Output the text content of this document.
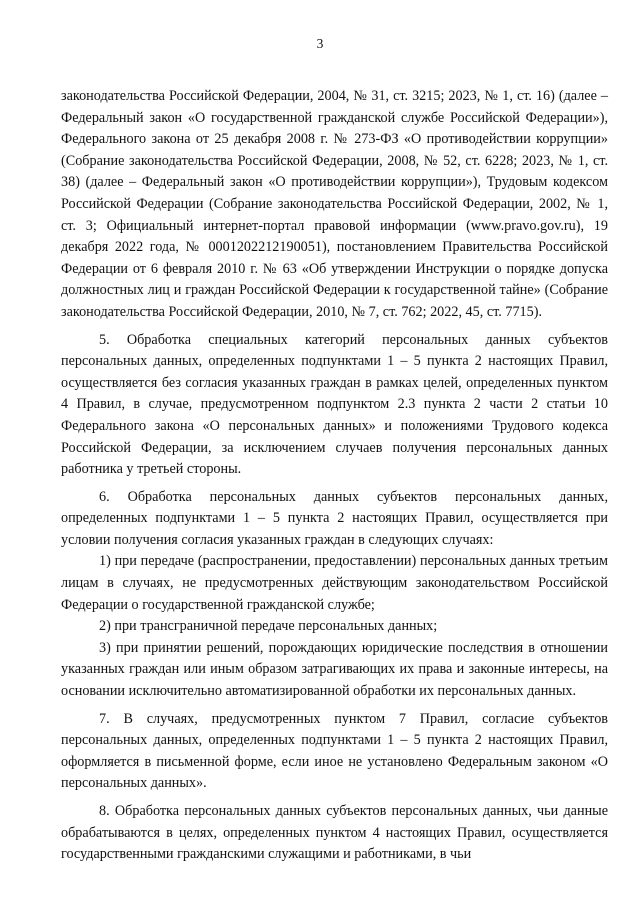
3

законодательства Российской Федерации, 2004, № 31, ст. 3215; 2023, № 1, ст. 16) (далее – Федеральный закон «О государственной гражданской службе Российской Федерации»), Федерального закона от 25 декабря 2008 г. № 273-ФЗ «О противодействии коррупции» (Собрание законодательства Российской Федерации, 2008, № 52, ст. 6228; 2023, № 1, ст. 38) (далее – Федеральный закон «О противодействии коррупции»), Трудовым кодексом Российской Федерации (Собрание законодательства Российской Федерации, 2002, № 1, ст. 3; Официальный интернет-портал правовой информации (www.pravo.gov.ru), 19 декабря 2022 года, № 0001202212190051), постановлением Правительства Российской Федерации от 6 февраля 2010 г. № 63 «Об утверждении Инструкции о порядке допуска должностных лиц и граждан Российской Федерации к государственной тайне» (Собрание законодательства Российской Федерации, 2010, № 7, ст. 762; 2022, 45, ст. 7715).

5. Обработка специальных категорий персональных данных субъектов персональных данных, определенных подпунктами 1 – 5 пункта 2 настоящих Правил, осуществляется без согласия указанных граждан в рамках целей, определенных пунктом 4 Правил, в случае, предусмотренном подпунктом 2.3 пункта 2 части 2 статьи 10 Федерального закона «О персональных данных» и положениями Трудового кодекса Российской Федерации, за исключением случаев получения персональных данных работника у третьей стороны.

6. Обработка персональных данных субъектов персональных данных, определенных подпунктами 1 – 5 пункта 2 настоящих Правил, осуществляется при условии получения согласия указанных граждан в следующих случаях:

1) при передаче (распространении, предоставлении) персональных данных третьим лицам в случаях, не предусмотренных действующим законодательством Российской Федерации о государственной гражданской службе;

2) при трансграничной передаче персональных данных;

3) при принятии решений, порождающих юридические последствия в отношении указанных граждан или иным образом затрагивающих их права и законные интересы, на основании исключительно автоматизированной обработки их персональных данных.

7. В случаях, предусмотренных пунктом 7 Правил, согласие субъектов персональных данных, определенных подпунктами 1 – 5 пункта 2 настоящих Правил, оформляется в письменной форме, если иное не установлено Федеральным законом «О персональных данных».

8. Обработка персональных данных субъектов персональных данных, чьи данные обрабатываются в целях, определенных пунктом 4 настоящих Правил, осуществляется государственными гражданскими служащими и работниками, в чьи
